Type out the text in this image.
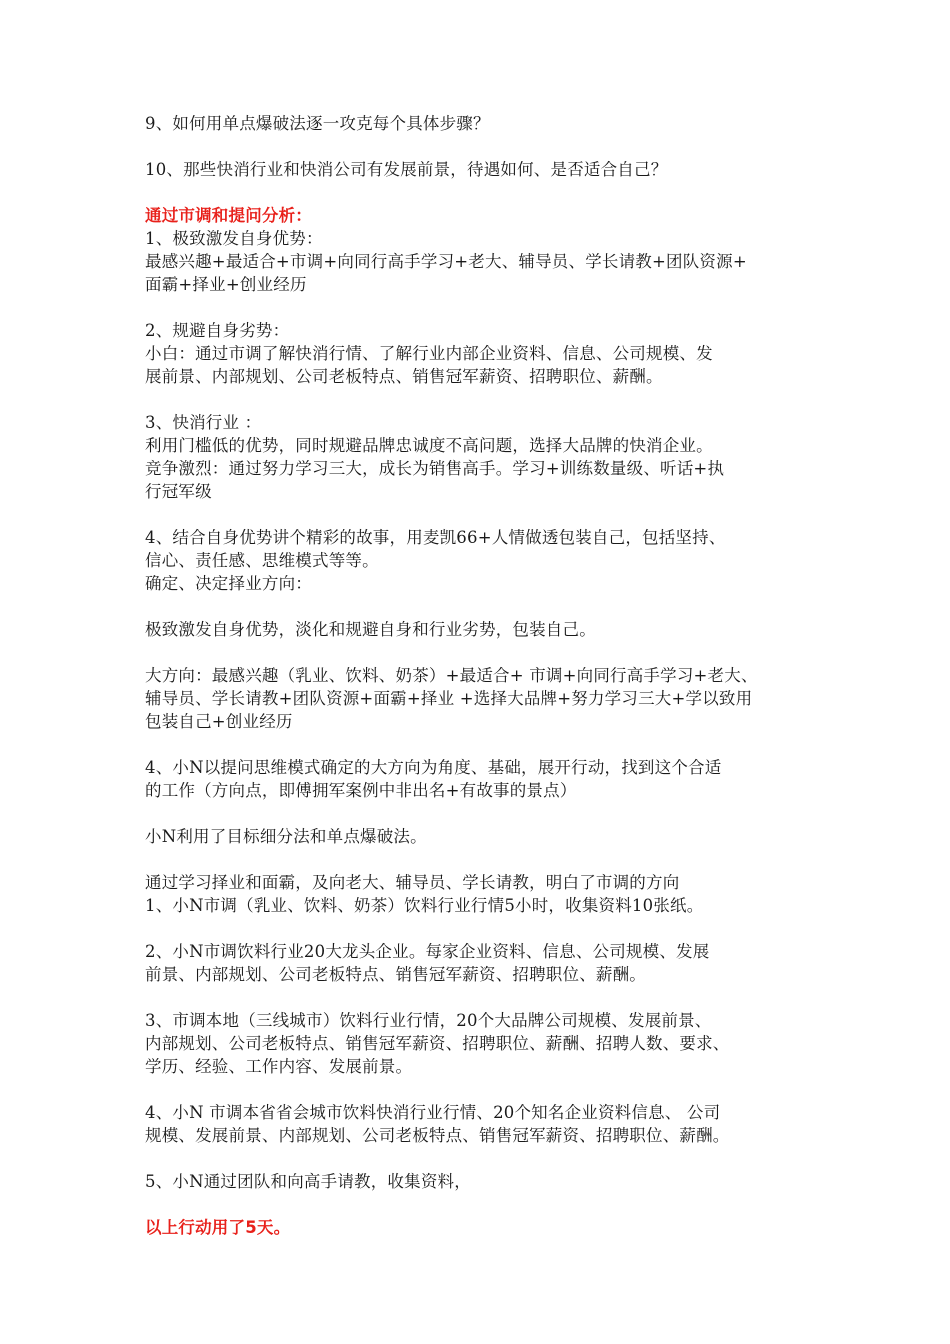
9、如何用单点爆破法逐一攻克每个具体步骤？
10、那些快消行业和快消公司有发展前景，待遇如何、是否适合自己？
通过市调和提问分析：
1、极致激发自身优势：
最感兴趣+最适合+市调+向同行高手学习+老大、辅导员、学长请教+团队资源+
面霸+择业+创业经历
2、规避自身劣势：
小白：通过市调了解快消行情、了解行业内部企业资料、信息、公司规模、发
展前景、内部规划、公司老板特点、销售冠军薪资、招聘职位、薪酬。
3、快消行业 ：
利用门槛低的优势，同时规避品牌忠诚度不高问题，选择大品牌的快消企业。
竞争激烈：通过努力学习三大，成长为销售高手。学习+训练数量级、听话+执
行冠军级
4、结合自身优势讲个精彩的故事，用麦凯66+人情做透包装自己，包括坚持、
信心、责任感、思维模式等等。
确定、决定择业方向：
极致激发自身优势，淡化和规避自身和行业劣势，包装自己。
大方向：最感兴趣（乳业、饮料、奶茶）+最适合+ 市调+向同行高手学习+老大、
辅导员、学长请教+团队资源+面霸+择业 +选择大品牌+努力学习三大+学以致用
包装自己+创业经历
4、小N以提问思维模式确定的大方向为角度、基础，展开行动，找到这个合适
的工作（方向点，即傅拥军案例中非出名+有故事的景点）
小N利用了目标细分法和单点爆破法。
通过学习择业和面霸，及向老大、辅导员、学长请教，明白了市调的方向
1、小N市调（乳业、饮料、奶茶）饮料行业行情5小时，收集资料10张纸。
2、小N市调饮料行业20大龙头企业。每家企业资料、信息、公司规模、发展
前景、内部规划、公司老板特点、销售冠军薪资、招聘职位、薪酬。
3、市调本地（三线城市）饮料行业行情，20个大品牌公司规模、发展前景、
内部规划、公司老板特点、销售冠军薪资、招聘职位、薪酬、招聘人数、要求、
学历、经验、工作内容、发展前景。
4、小N 市调本省省会城市饮料快消行业行情、20个知名企业资料信息、 公司
规模、发展前景、内部规划、公司老板特点、销售冠军薪资、招聘职位、薪酬。
5、小N通过团队和向高手请教，收集资料，
以上行动用了5天。
